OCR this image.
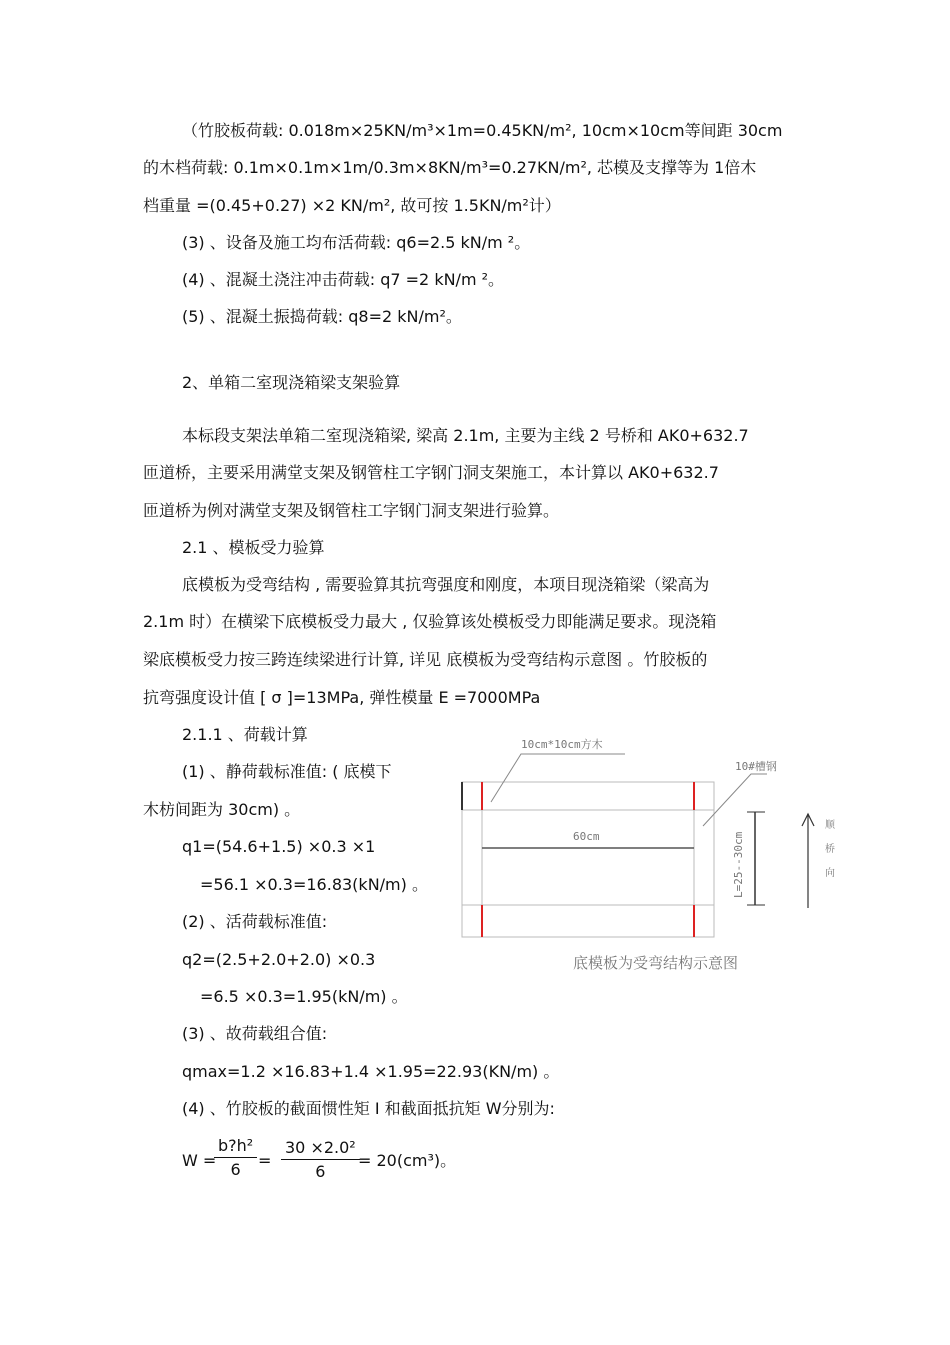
（竹胶板荷载: 0.018m×25KN/m³×1m=0.45KN/m², 10cm×10cm等间距 30cm
的木档荷载: 0.1m×0.1m×1m/0.3m×8KN/m³=0.27KN/m², 芯模及支撑等为 1倍木
档重量 =(0.45+0.27) ×2 KN/m², 故可按 1.5KN/m²计）
(3) 、设备及施工均布活荷载: q6=2.5 kN/m ²。
(4) 、混凝土浇注冲击荷载: q7 =2 kN/m ²。
(5) 、混凝土振捣荷载: q8=2 kN/m²。
2、单箱二室现浇箱梁支架验算
本标段支架法单箱二室现浇箱梁, 梁高 2.1m, 主要为主线 2 号桥和 AK0+632.7
匝道桥，主要采用满堂支架及钢管柱工字钢门洞支架施工，本计算以 AK0+632.7
匝道桥为例对满堂支架及钢管柱工字钢门洞支架进行验算。
2.1 、模板受力验算
底模板为受弯结构 , 需要验算其抗弯强度和刚度，本项目现浇箱梁（梁高为
2.1m 时）在横梁下底模板受力最大 , 仅验算该处模板受力即能满足要求。现浇箱
梁底模板受力按三跨连续梁进行计算, 详见 底模板为受弯结构示意图 。竹胶板的
抗弯强度设计值 [ σ ]=13MPa, 弹性模量 E =7000MPa
2.1.1 、荷载计算
(1) 、静荷载标准值: ( 底模下
木枋间距为 30cm) 。
q1=(54.6+1.5) ×0.3 ×1
=56.1 ×0.3=16.83(kN/m) 。
(2) 、活荷载标准值:
q2=(2.5+2.0+2.0) ×0.3
=6.5 ×0.3=1.95(kN/m) 。
(3) 、故荷载组合值:
qmax=1.2 ×16.83+1.4 ×1.95=22.93(KN/m) 。
(4) 、竹胶板的截面惯性矩 I 和截面抵抗矩 W分别为:
W =
$\frac{\text{b?h²}}{6} = \frac{\text{30 ×2.0²}}{6}$
= 20(cm³)。
60cm
10cm*10cm方木
10#槽钢
L=25--30cm
顺
桥
向
底模板为受弯结构示意图
